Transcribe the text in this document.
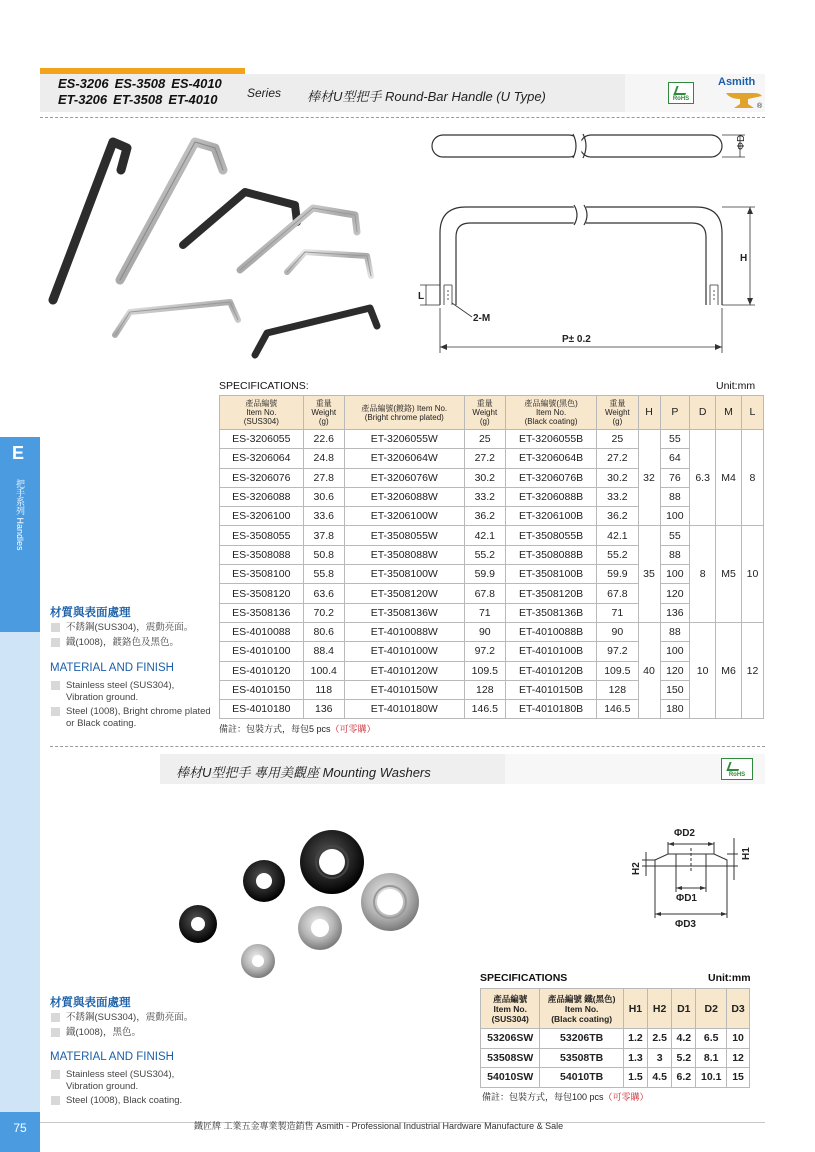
ES-3206 ES-3508 ES-4010
ET-3206 ET-3508 ET-4010	Series 棒材U型把手 Round-Bar Handle (U Type)	RoHS
Asmith
®
ΦD
H
L
2-M
P± 0.2
SPECIFICATIONS:	Unit:mm
產品編號
Item No.
(SUS304)	重量
Weight
(g)	產品編號(鍍鉻) Item No.
(Bright chrome plated)	重量
Weight
(g)	產品編號(黑色)
Item No.
(Black coating)	重量
Weight
(g)	H	P	D	M	L
ES-3206055	22.6	ET-3206055W	25	ET-3206055B	25	32	55	6.3	M4	8
ES-3206064	24.8	ET-3206064W	27.2	ET-3206064B	27.2		64			
ES-3206076	27.8	ET-3206076W	30.2	ET-3206076B	30.2		76			
ES-3206088	30.6	ET-3206088W	33.2	ET-3206088B	33.2		88			
ES-3206100	33.6	ET-3206100W	36.2	ET-3206100B	36.2		100			
ES-3508055	37.8	ET-3508055W	42.1	ET-3508055B	42.1	35	55	8	M5	10
ES-3508088	50.8	ET-3508088W	55.2	ET-3508088B	55.2		88			
ES-3508100	55.8	ET-3508100W	59.9	ET-3508100B	59.9		100			
ES-3508120	63.6	ET-3508120W	67.8	ET-3508120B	67.8		120			
ES-3508136	70.2	ET-3508136W	71	ET-3508136B	71		136			
ES-4010088	80.6	ET-4010088W	90	ET-4010088B	90	40	88	10	M6	12
ES-4010100	88.4	ET-4010100W	97.2	ET-4010100B	97.2		100			
ES-4010120	100.4	ET-4010120W	109.5	ET-4010120B	109.5		120			
ES-4010150	118	ET-4010150W	128	ET-4010150B	128		150			
ES-4010180	136	ET-4010180W	146.5	ET-4010180B	146.5		180			
備註：包裝方式，每包5 pcs（可零購）
E
把手系列 Handles
材質與表面處理
不銹鋼(SUS304)，震動亮面。
鐵(1008)，鍍鉻色及黑色。
MATERIAL AND FINISH
Stainless steel (SUS304), Vibration ground.
Steel (1008), Bright chrome plated or Black coating.
棒材U型把手 專用美觀座 Mounting Washers	RoHS
ΦD2
ΦD1
ΦD3
H1
H2
SPECIFICATIONS	Unit:mm
產品編號
Item No.
(SUS304)	產品編號 鐵(黑色)
Item No.
(Black coating)	H1	H2	D1	D2	D3
53206SW	53206TB	1.2	2.5	4.2	6.5	10
53508SW	53508TB	1.3	3	5.2	8.1	12
54010SW	54010TB	1.5	4.5	6.2	10.1	15
備註：包裝方式，每包100 pcs（可零購）
材質與表面處理
不銹鋼(SUS304)，震動亮面。
鐵(1008)，黑色。
MATERIAL AND FINISH
Stainless steel (SUS304), Vibration ground.
Steel (1008), Black coating.
75	鐵匠牌 工業五金專業製造銷售 Asmith - Professional Industrial Hardware Manufacture & Sale
